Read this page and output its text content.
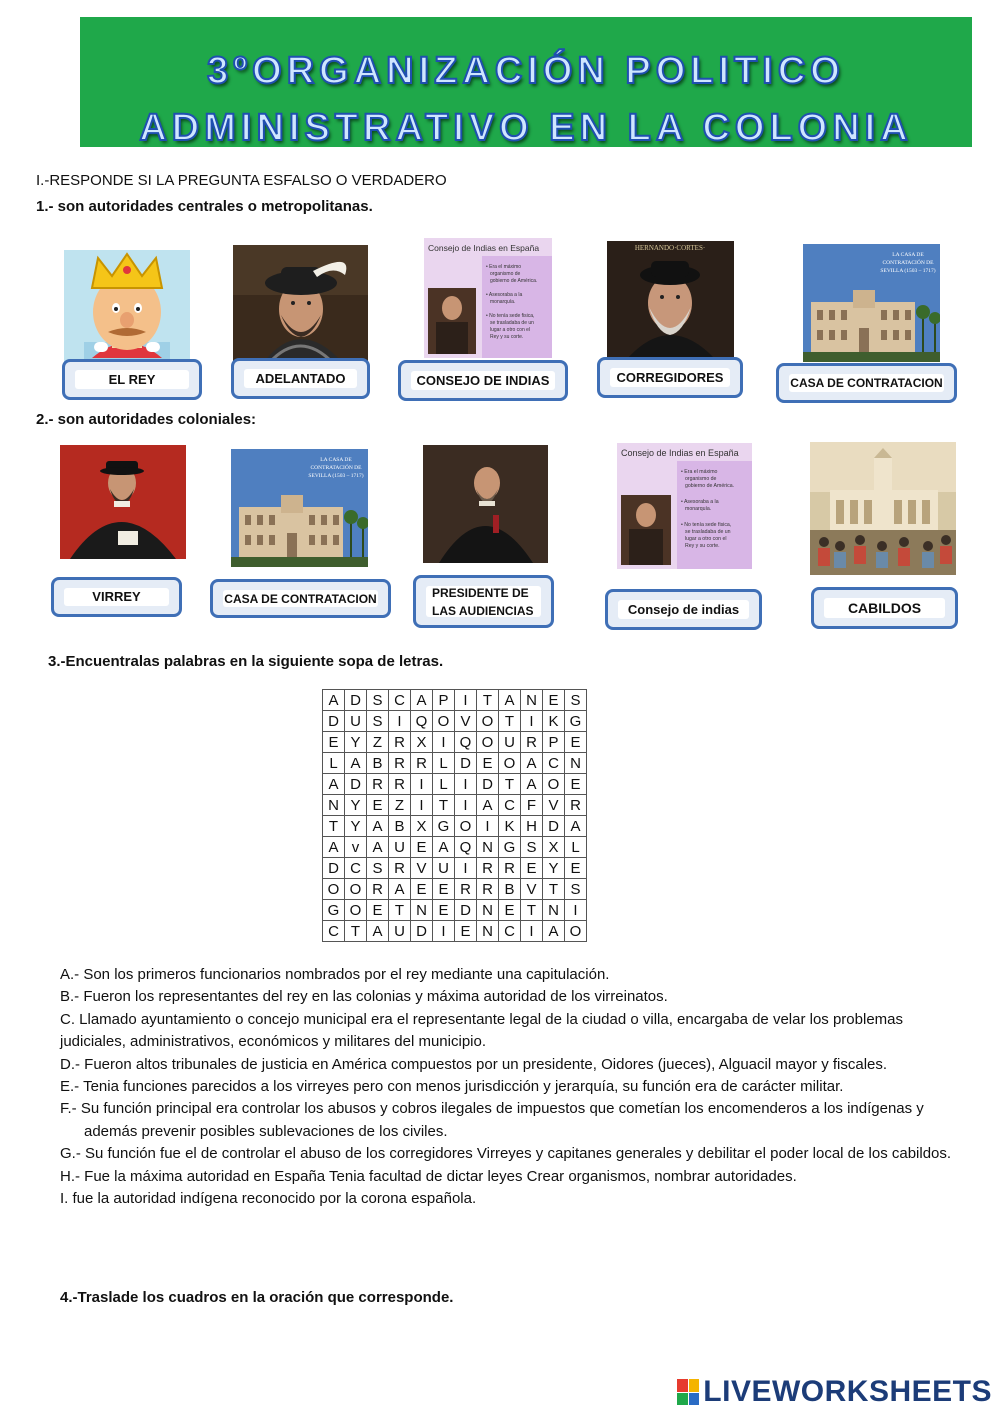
3ºORGANIZACIÓN POLITICO
ADMINISTRATIVO EN LA COLONIA
I.-RESPONDE SI LA PREGUNTA ESFALSO O VERDADERO
1.- son autoridades centrales o metropolitanas.
Consejo de Indias en España
• Era el máximo
organismo de
gobierno de América.
• Asesoraba a la
monarquía.
• No tenía sede fisica,
se trasladaba de un
lugar a otro con el
Rey y su corte.
HERNANDO·CORTES·
LA CASA DE
CONTRATACIÓN DE
SEVILLA (1503 – 1717)
EL REY	ADELANTADO	CONSEJO DE INDIAS	CORREGIDORES	CASA DE CONTRATACION
2.- son autoridades coloniales:
LA CASA DE
CONTRATACIÓN DE
SEVILLA (1503 – 1717)
Consejo de Indias en España
• Era el máximo
organismo de
gobierno de América.
• Asesoraba a la
monarquía.
• No tenía sede fisica,
se trasladaba de un
lugar a otro con el
Rey y su corte.
VIRREY	CASA DE CONTRATACION	PRESIDENTE DE
LAS AUDIENCIAS	Consejo de indias	CABILDOS
3.-Encuentralas palabras en la siguiente sopa de letras.
A	D	S	C	A	P	I	T	A	N	E	S
D	U	S	I	Q	O	V	O	T	I	K	G
E	Y	Z	R	X	I	Q	O	U	R	P	E
L	A	B	R	R	L	D	E	O	A	C	N
A	D	R	R	I	L	I	D	T	A	O	E
N	Y	E	Z	I	T	I	A	C	F	V	R
T	Y	A	B	X	G	O	I	K	H	D	A
A	v	A	U	E	A	Q	N	G	S	X	L
D	C	S	R	V	U	I	R	R	E	Y	E
O	O	R	A	E	E	R	R	B	V	T	S
G	O	E	T	N	E	D	N	E	T	N	I
C	T	A	U	D	I	E	N	C	I	A	O
A.- Son los primeros funcionarios nombrados por el rey mediante una capitulación.
B.- Fueron los representantes del rey en las colonias y máxima autoridad de los virreinatos.
C. Llamado ayuntamiento o concejo municipal era el representante legal de la ciudad o villa, encargaba de velar los problemas judiciales, administrativos, económicos y militares del municipio.
D.- Fueron altos tribunales de justicia en América compuestos por un presidente, Oidores (jueces), Alguacil mayor y fiscales.
E.- Tenia funciones parecidos a los virreyes pero con menos jurisdicción y jerarquía, su función era de carácter militar.
F.- Su función principal era controlar los abusos y cobros ilegales de impuestos que cometían los encomenderos a los indígenas y además prevenir posibles sublevaciones de los civiles.
G.- Su función fue el de controlar el abuso de los corregidores Virreyes y capitanes generales y debilitar el poder local de los cabildos.
H.- Fue la máxima autoridad en España Tenia facultad de dictar leyes Crear organismos, nombrar autoridades.
I. fue la autoridad indígena reconocido por la corona española.
4.-Traslade los cuadros en la oración que corresponde.
LIVEWORKSHEETS
